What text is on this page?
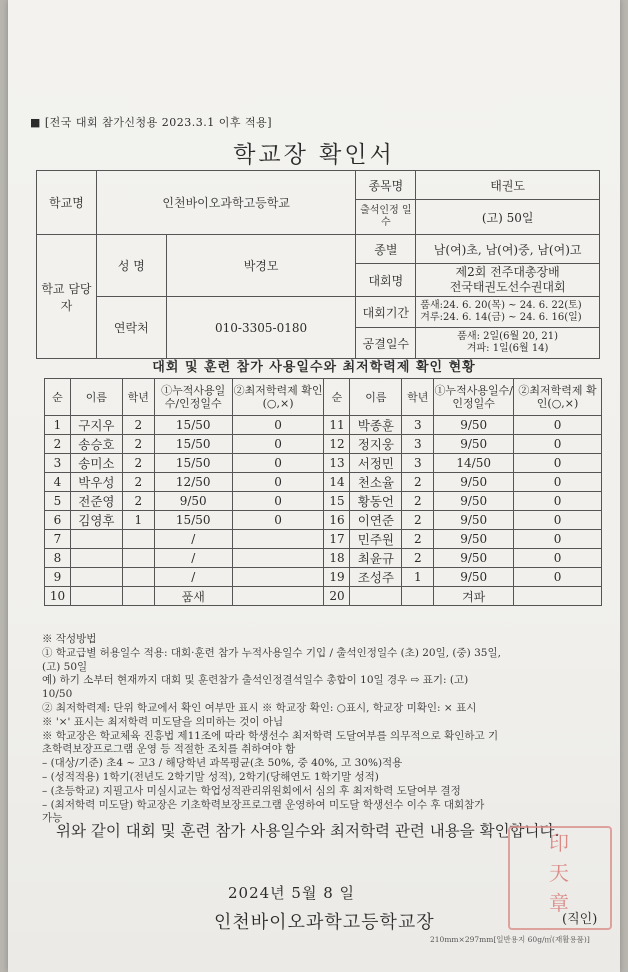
■ [전국 대회 참가신청용 2023.3.1 이후 적용]
학교장 확인서
학교명	인천바이오과학고등학교		종목명	태권도
			출석인정 일수	(고) 50일
학교 담당자	성 명	박경모	종별	남(여)초, 남(여)중, 남(여)고
			대회명	제2회 전주대총장배
전국태권도선수권대회

	연락처	010-3305-0180	대회기간	품새:24. 6. 20(목) ~ 24. 6. 22(토)
겨루:24. 6. 14(금) ~ 24. 6. 16(일)

			공결일수	품새: 2일(6월 20, 21)
겨파: 1일(6월 14)

대회 및 훈련 참가 사용일수와 최저학력제 확인 현황
순	이름	학년	①누적사용일수/인정일수	②최저학력제 확인(○,×)	순	이름	학년	①누적사용일수/인정일수	②최저학력제 확인(○,×)
1	구지우	2	15/50	0	11	박종훈	3	9/50	0
2	송승호	2	15/50	0	12	정지웅	3	9/50	0
3	송미소	2	15/50	0	13	서정민	3	14/50	0
4	박우성	2	12/50	0	14	천소율	2	9/50	0
5	전준영	2	9/50	0	15	황동언	2	9/50	0
6	김영후	1	15/50	0	16	이연준	2	9/50	0
7			/		17	민주원	2	9/50	0
8			/		18	최윤규	2	9/50	0
9			/		19	조성주	1	9/50	0
10			품새		20			겨파	
※ 작성방법
① 학교급별 허용일수 적용: 대회·훈련 참가 누적사용일수 기입 / 출석인정일수 (초) 20일, (중) 35일,
(고) 50일
예) 하기 소부터 현재까지 대회 및 훈련참가 출석인정결석일수 총합이 10일 경우 ⇨ 표기: (고)
10/50
② 최저학력제: 단위 학교에서 확인 여부만 표시 ※ 학교장 확인: ○표시, 학교장 미확인: × 표시
※ '×' 표시는 최저학력 미도달을 의미하는 것이 아님
※ 학교장은 학교체육 진흥법 제11조에 따라 학생선수 최저학력 도달여부를 의무적으로 확인하고 기
초학력보장프로그램 운영 등 적절한 조치를 취하여야 함
– (대상/기준) 초4 ~ 고3 / 해당학년 과목평균(초 50%, 중 40%, 고 30%)적용
– (성적적용) 1학기(전년도 2학기말 성적), 2학기(당해연도 1학기말 성적)
– (초등학교) 지필고사 미실시교는 학업성적관리위원회에서 심의 후 최저학력 도달여부 결정
– (최저학력 미도달) 학교장은 기초학력보장프로그램 운영하여 미도달 학생선수 이수 후 대회참가
가능
위와 같이 대회 및 훈련 참가 사용일수와 최저학력 관련 내용을 확인합니다.
2024년 5월 8 일
印
天
章
인천바이오과학고등학교장	(직인)
210mm×297mm[일반용지 60g/㎡(재활용품)]
